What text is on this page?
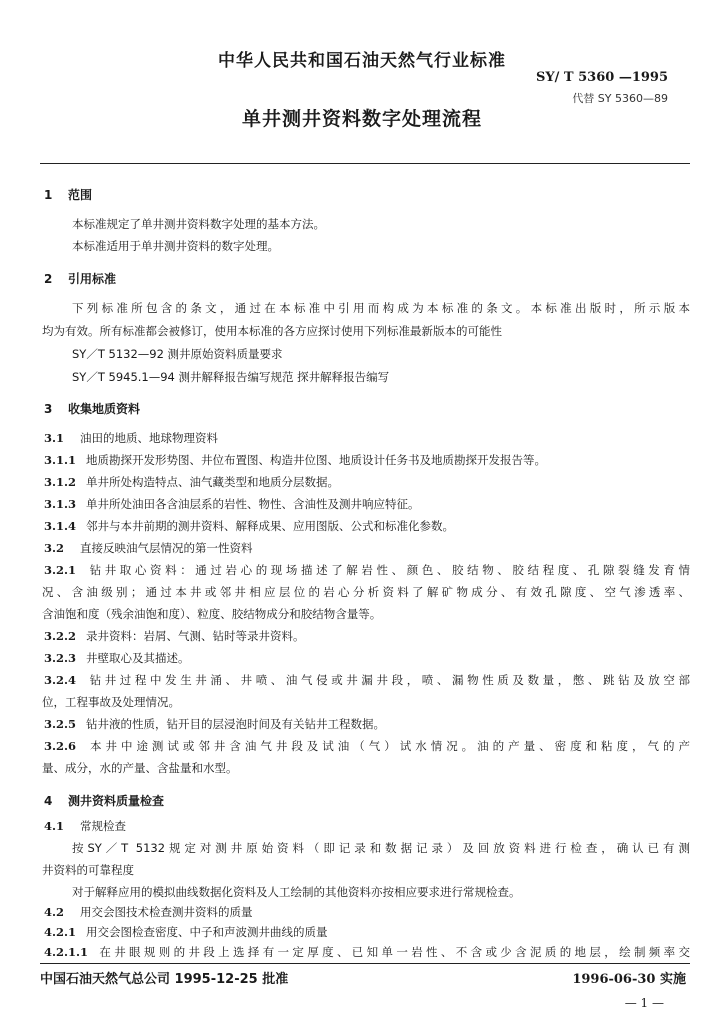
中华人民共和国石油天然气行业标准
SY/ T 5360 —1995
代替 SY 5360—89
单井测井资料数字处理流程
1 范围
本标准规定了单井测井资料数字处理的基本方法。
本标准适用于单井测井资料的数字处理。
2 引用标准
下列标准所包含的条文，通过在本标准中引用而构成为本标准的条文。本标准出版时，所示版本
均为有效。所有标准都会被修订，使用本标准的各方应探讨使用下列标准最新版本的可能性
SY／T 5132—92 测井原始资料质量要求
SY／T 5945.1—94 测井解释报告编写规范 探井解释报告编写
3 收集地质资料
3.1 油田的地质、地球物理资料
3.1.1 地质勘探开发形势图、井位布置图、构造井位图、地质设计任务书及地质勘探开发报告等。
3.1.2 单井所处构造特点、油气藏类型和地质分层数据。
3.1.3 单井所处油田各含油层系的岩性、物性、含油性及测井响应特征。
3.1.4 邻井与本井前期的测井资料、解释成果、应用图版、公式和标准化参数。
3.2 直接反映油气层情况的第一性资料
3.2.1 钻井取心资料：通过岩心的现场描述了解岩性、颜色、胶结物、胶结程度、孔隙裂缝发育情
况、含油级别；通过本井或邻井相应层位的岩心分析资料了解矿物成分、有效孔隙度、空气渗透率、
含油饱和度（残余油饱和度）、粒度、胶结物成分和胶结物含量等。
3.2.2 录井资料：岩屑、气测、钻时等录井资料。
3.2.3 井壁取心及其描述。
3.2.4 钻井过程中发生井涌、井喷、油气侵或井漏井段，喷、漏物性质及数量，憋、跳钻及放空部
位，工程事故及处理情况。
3.2.5 钻井液的性质，钻开目的层浸泡时间及有关钻井工程数据。
3.2.6 本井中途测试或邻井含油气井段及试油（气）试水情况。油的产量、密度和粘度，气的产
量、成分，水的产量、含盐量和水型。
4 测井资料质量检查
4.1 常规检查
按SY／T 5132规定对测井原始资料（即记录和数据记录）及回放资料进行检查，确认已有测
井资料的可靠程度
对于解释应用的模拟曲线数据化资料及人工绘制的其他资料亦按相应要求进行常规检查。
4.2 用交会图技术检查测井资料的质量
4.2.1 用交会图检查密度、中子和声波测井曲线的质量
4.2.1.1 在井眼规则的井段上选择有一定厚度、已知单一岩性、不含或少含泥质的地层，绘制频率交
中国石油天然气总公司 1995-12-25 批准	1996-06-30 实施
— 1 —
